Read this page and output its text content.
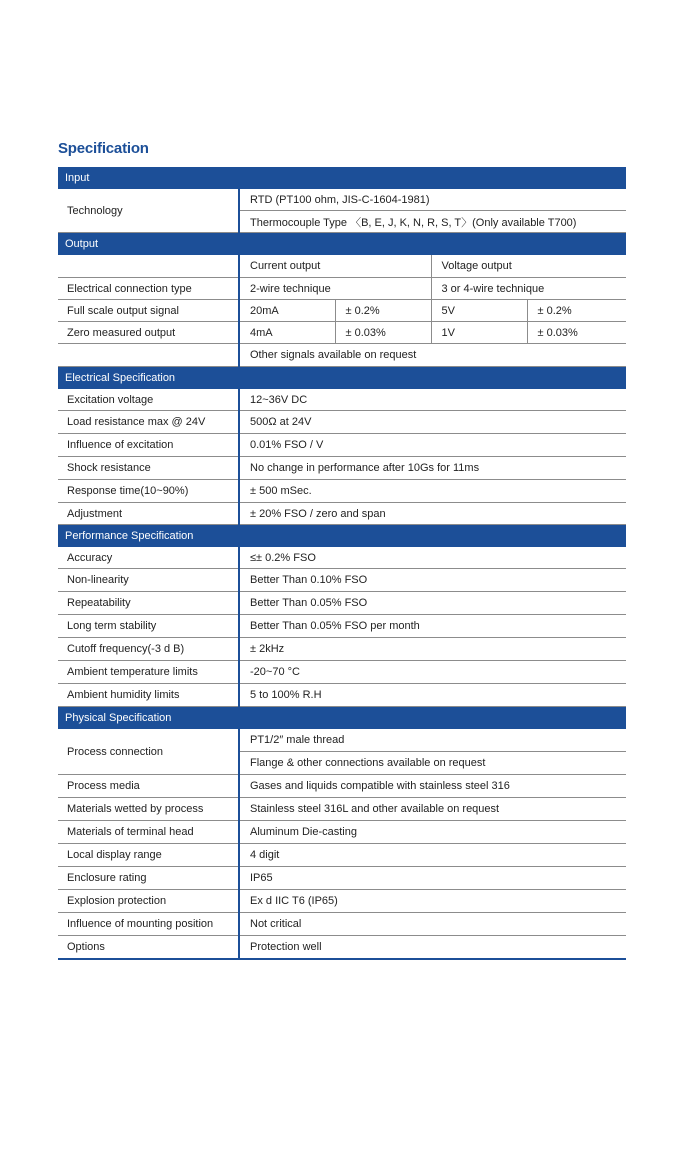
Specification
Input				
Technology	RTD (PT100 ohm, JIS-C-1604-1981)			
	Thermocouple Type 〈B, E, J, K, N, R, S, T〉(Only available T700)			
Output				
	Current output		Voltage output	
Electrical connection type	2-wire technique		3 or 4-wire technique	
Full scale output signal	20mA	± 0.2%	5V	± 0.2%
Zero measured output	4mA	± 0.03%	1V	± 0.03%
	Other signals available on request			
Electrical Specification				
Excitation voltage	12~36V DC			
Load resistance max @ 24V	500Ω at 24V			
Influence of excitation	0.01% FSO / V			
Shock resistance	No change in performance after 10Gs for 11ms			
Response time(10~90%)	± 500 mSec.			
Adjustment	± 20% FSO / zero and span			
Performance Specification				
Accuracy	≤± 0.2% FSO			
Non-linearity	Better Than 0.10% FSO			
Repeatability	Better Than 0.05% FSO			
Long term stability	Better Than 0.05% FSO per month			
Cutoff frequency(-3 d B)	± 2kHz			
Ambient temperature limits	-20~70 °C			
Ambient humidity limits	5 to 100% R.H			
Physical Specification				
Process connection	PT1/2″ male thread			
	Flange & other connections available on request			
Process media	Gases and liquids compatible with stainless steel 316			
Materials wetted by process	Stainless steel 316L and other available on request			
Materials of terminal head	Aluminum Die-casting			
Local display range	4 digit			
Enclosure rating	IP65			
Explosion protection	Ex d IIC T6 (IP65)			
Influence of mounting position	Not critical			
Options	Protection well			
